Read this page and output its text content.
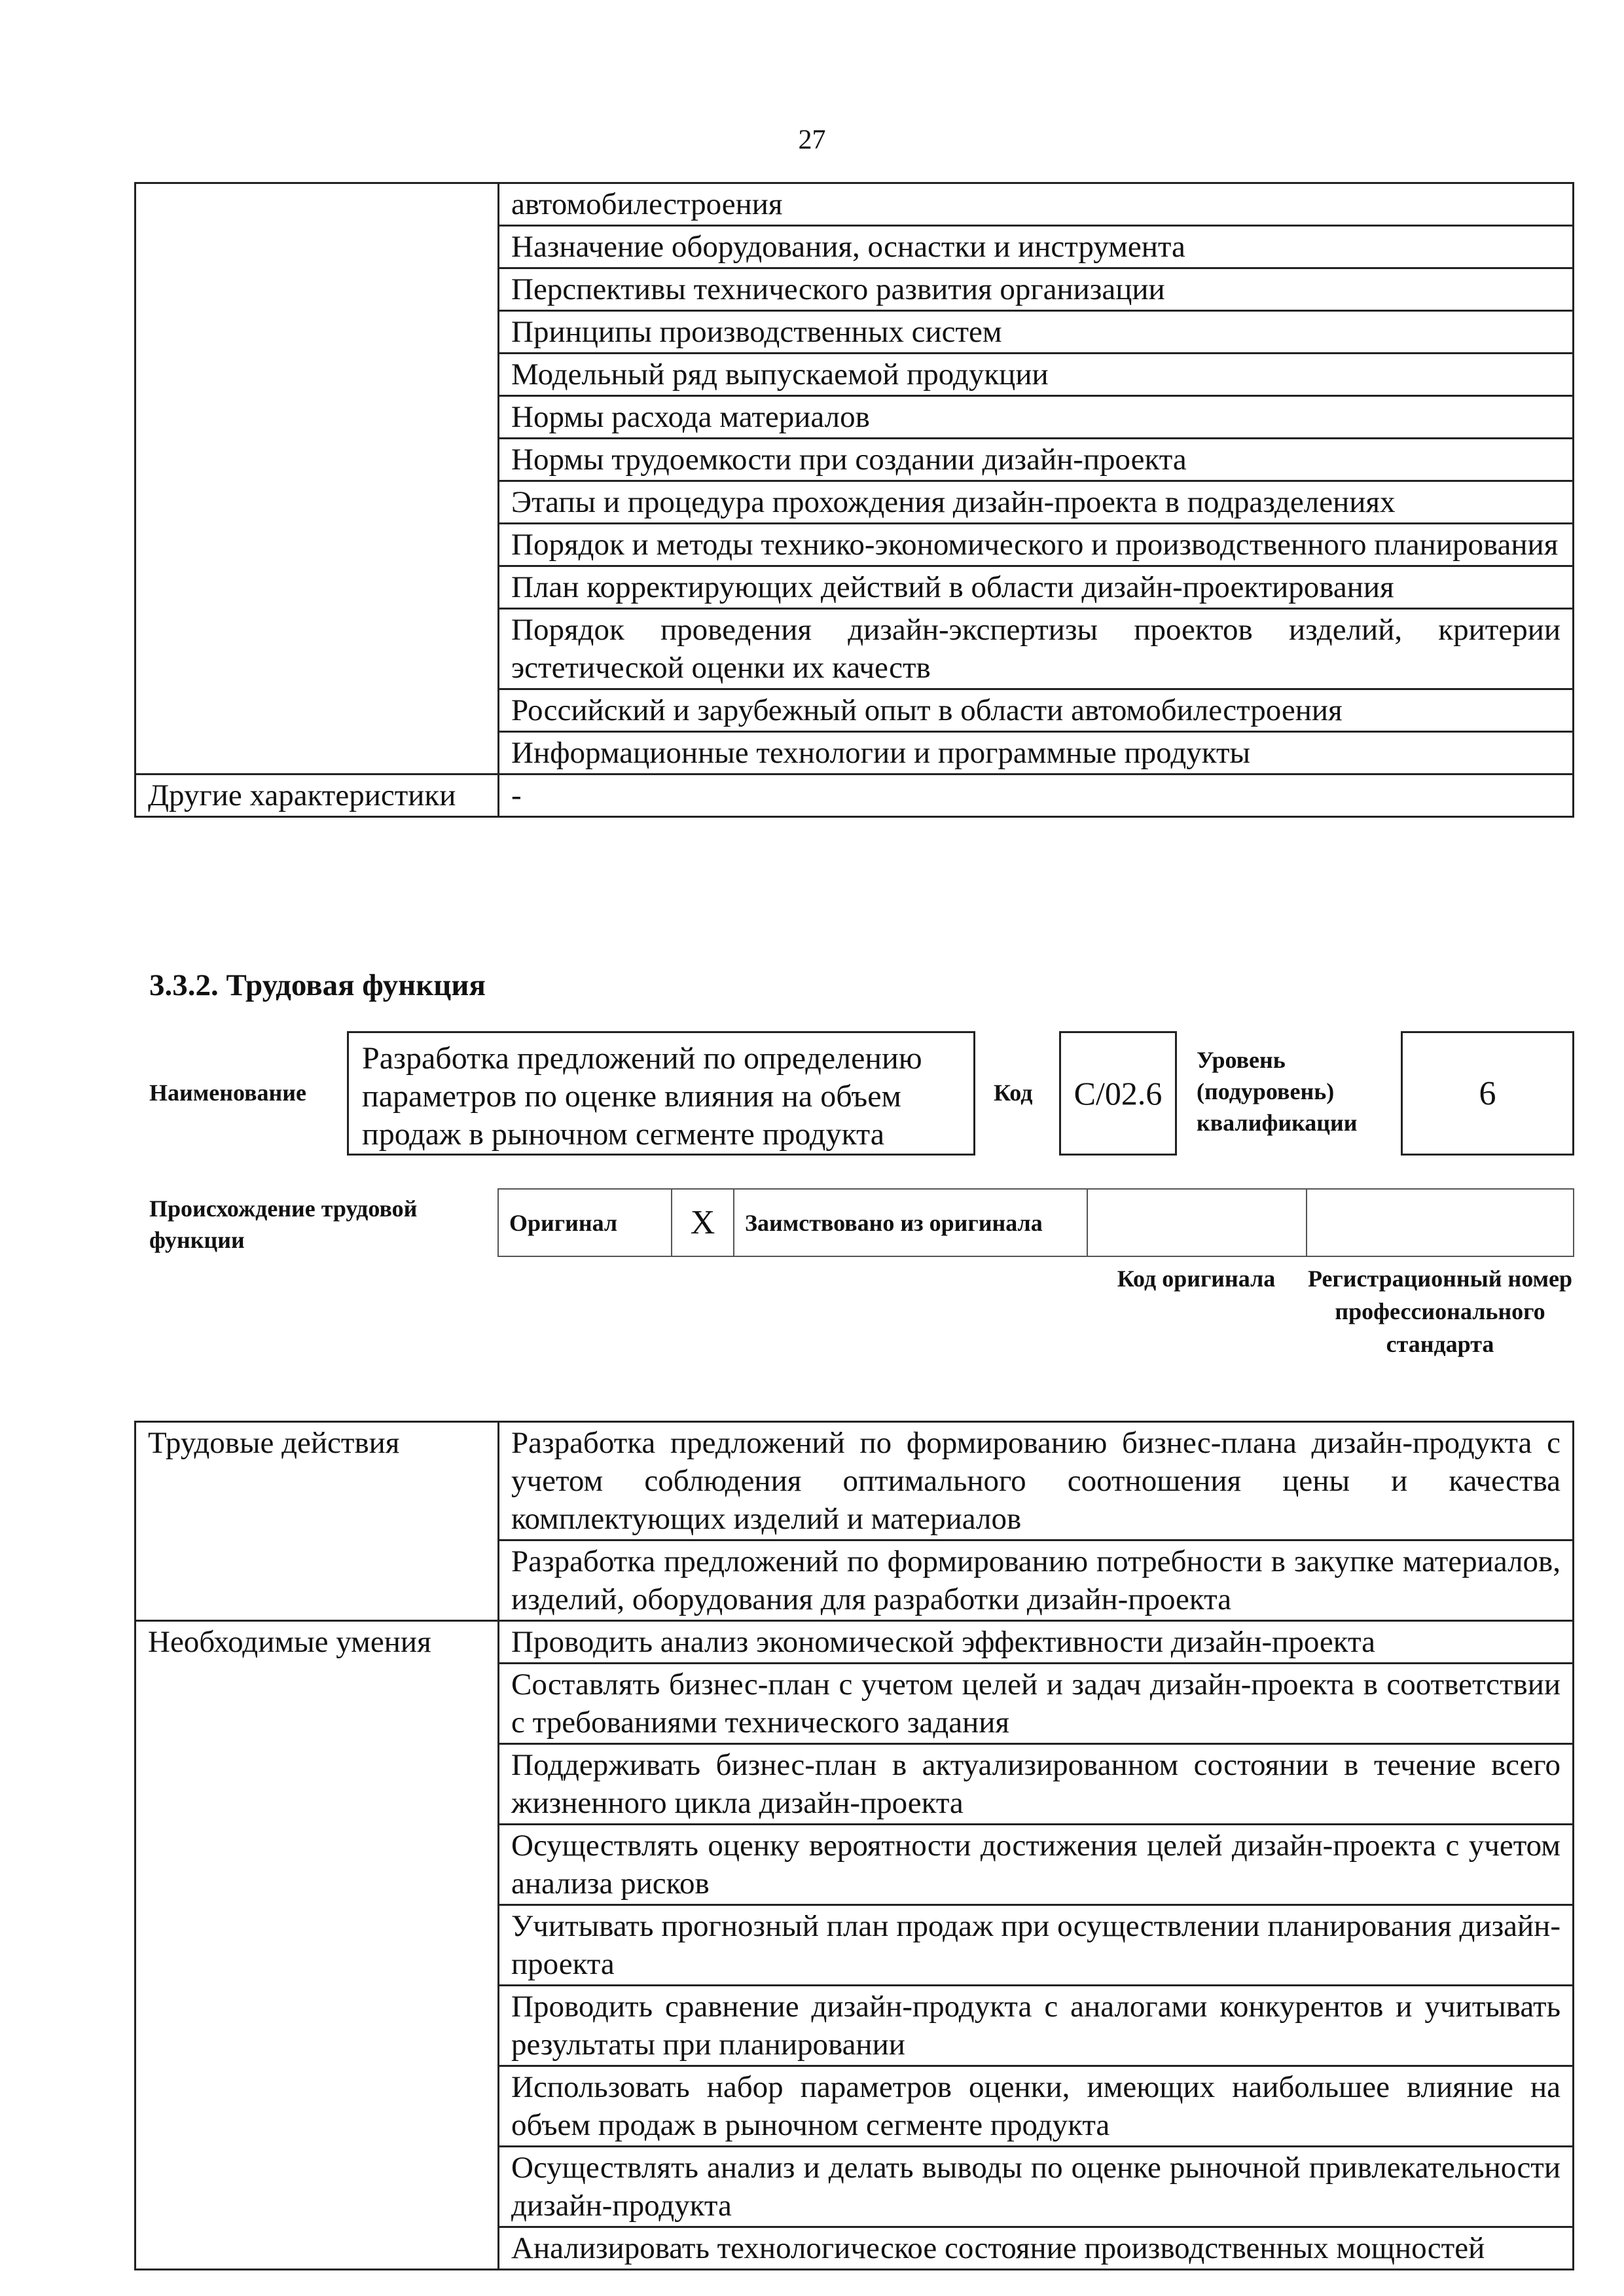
27
	автомобилестроения
	Назначение оборудования, оснастки и инструмента
	Перспективы технического развития организации
	Принципы производственных систем
	Модельный ряд выпускаемой продукции
	Нормы расхода материалов
	Нормы трудоемкости при создании дизайн-проекта
	Этапы и процедура прохождения дизайн-проекта в подразделениях
	Порядок и методы технико-экономического и производственного планирования
	План корректирующих действий в области дизайн-проектирования
	Порядок проведения дизайн-экспертизы проектов изделий, критерии эстетической оценки их качеств
	Российский и зарубежный опыт в области автомобилестроения
	Информационные технологии и программные продукты
Другие характеристики	-
3.3.2. Трудовая функция
Наименование
Разработка предложений по определению параметров по оценке влияния на объем продаж в рыночном сегменте продукта
Код	C/02.6
Уровень (подуровень) квалификации
6
Происхождение трудовой функции
Оригинал	X	Заимствовано из оригинала		
Код оригинала	Регистрационный номер профессионального стандарта
Трудовые действия	Разработка предложений по формированию бизнес-плана дизайн-продукта с учетом соблюдения оптимального соотношения цены и качества комплектующих изделий и материалов
	Разработка предложений по формированию потребности в закупке материалов, изделий, оборудования для разработки дизайн-проекта
Необходимые умения	Проводить анализ экономической эффективности дизайн-проекта
	Составлять бизнес-план с учетом целей и задач дизайн-проекта в соответствии с требованиями технического задания
	Поддерживать бизнес-план в актуализированном состоянии в течение всего жизненного цикла дизайн-проекта
	Осуществлять оценку вероятности достижения целей дизайн-проекта с учетом анализа рисков
	Учитывать прогнозный план продаж при осуществлении планирования дизайн-проекта
	Проводить сравнение дизайн-продукта с аналогами конкурентов и учитывать результаты при планировании
	Использовать набор параметров оценки, имеющих наибольшее влияние на объем продаж в рыночном сегменте продукта
	Осуществлять анализ и делать выводы по оценке рыночной привлекательности дизайн-продукта
	Анализировать технологическое состояние производственных мощностей
